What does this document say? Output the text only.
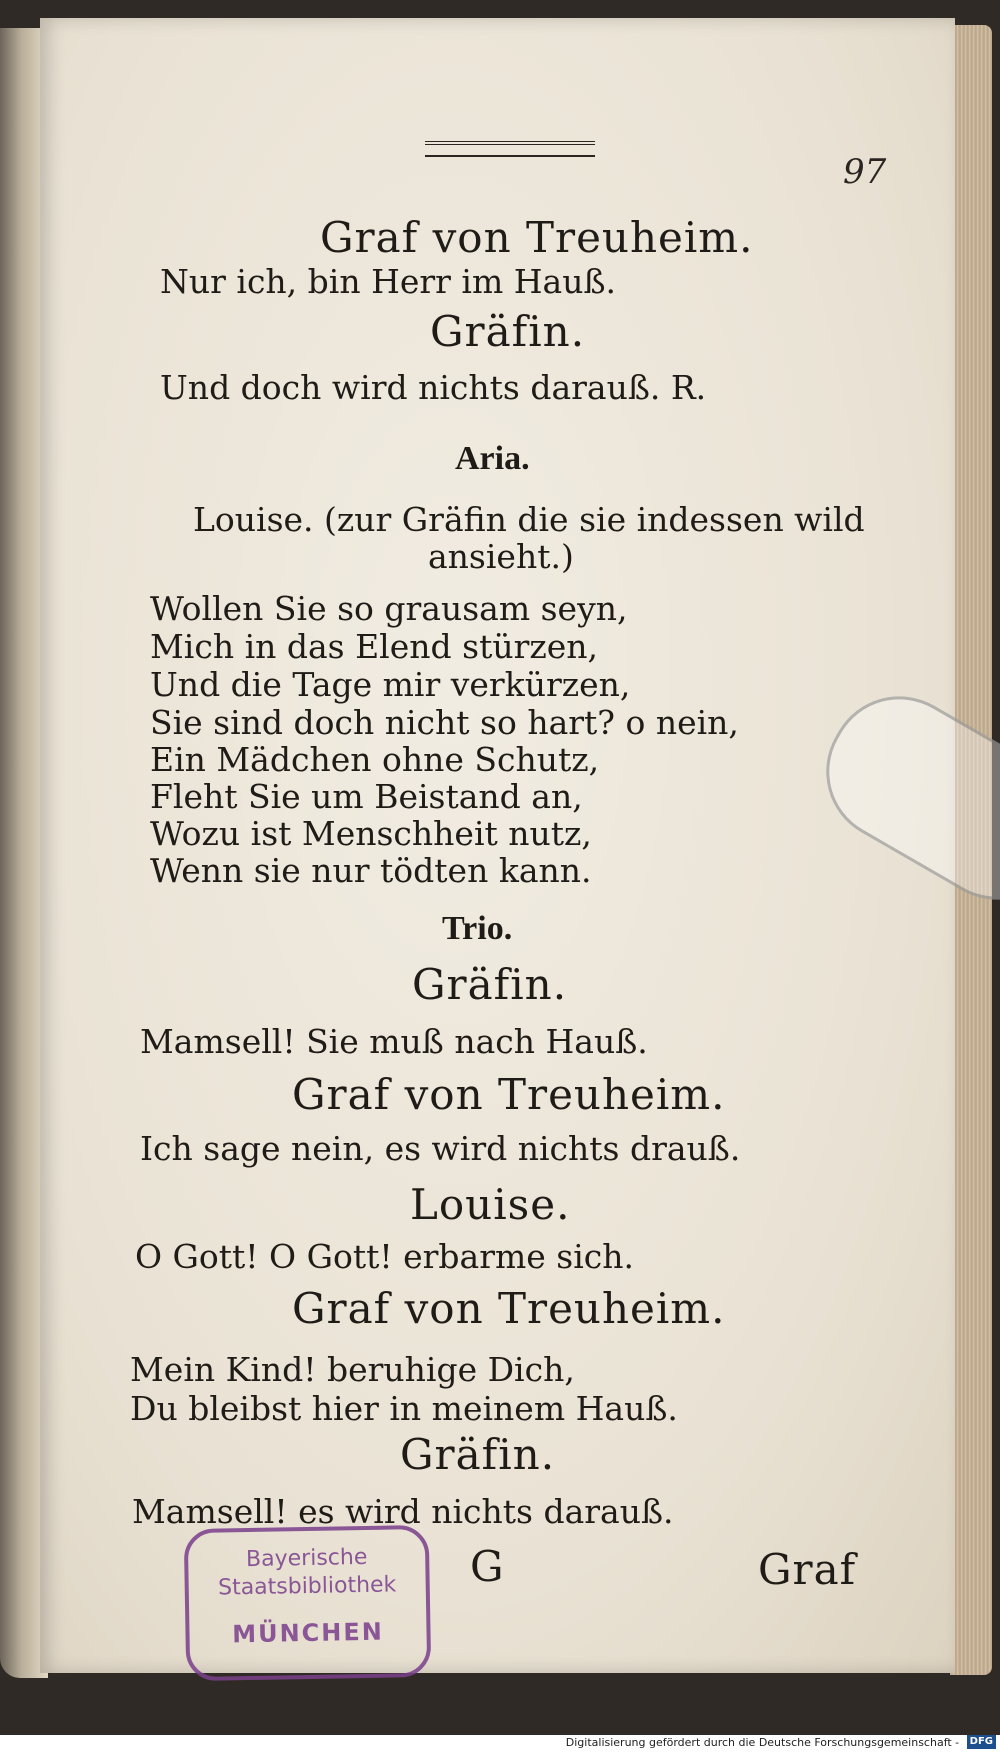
97
Graf von Treuheim.
Nur ich, bin Herr im Hauß.
Gräfin.
Und doch wird nichts darauß. R.
Aria.
Louise. (zur Gräfin die sie indessen wild
ansieht.)
Wollen Sie so grausam seyn,
Mich in das Elend stürzen,
Und die Tage mir verkürzen,
Sie sind doch nicht so hart? o nein,
Ein Mädchen ohne Schutz,
Fleht Sie um Beistand an,
Wozu ist Menschheit nutz,
Wenn sie nur tödten kann.
Trio.
Gräfin.
Mamsell! Sie muß nach Hauß.
Graf von Treuheim.
Ich sage nein, es wird nichts drauß.
Louise.
O Gott! O Gott! erbarme sich.
Graf von Treuheim.
Mein Kind! beruhige Dich,
Du bleibst hier in meinem Hauß.
Gräfin.
Mamsell! es wird nichts darauß.
G	Graf
Bayerische
Staatsbibliothek
MÜNCHEN
Digitalisierung gefördert durch die Deutsche Forschungsgemeinschaft - DFG
